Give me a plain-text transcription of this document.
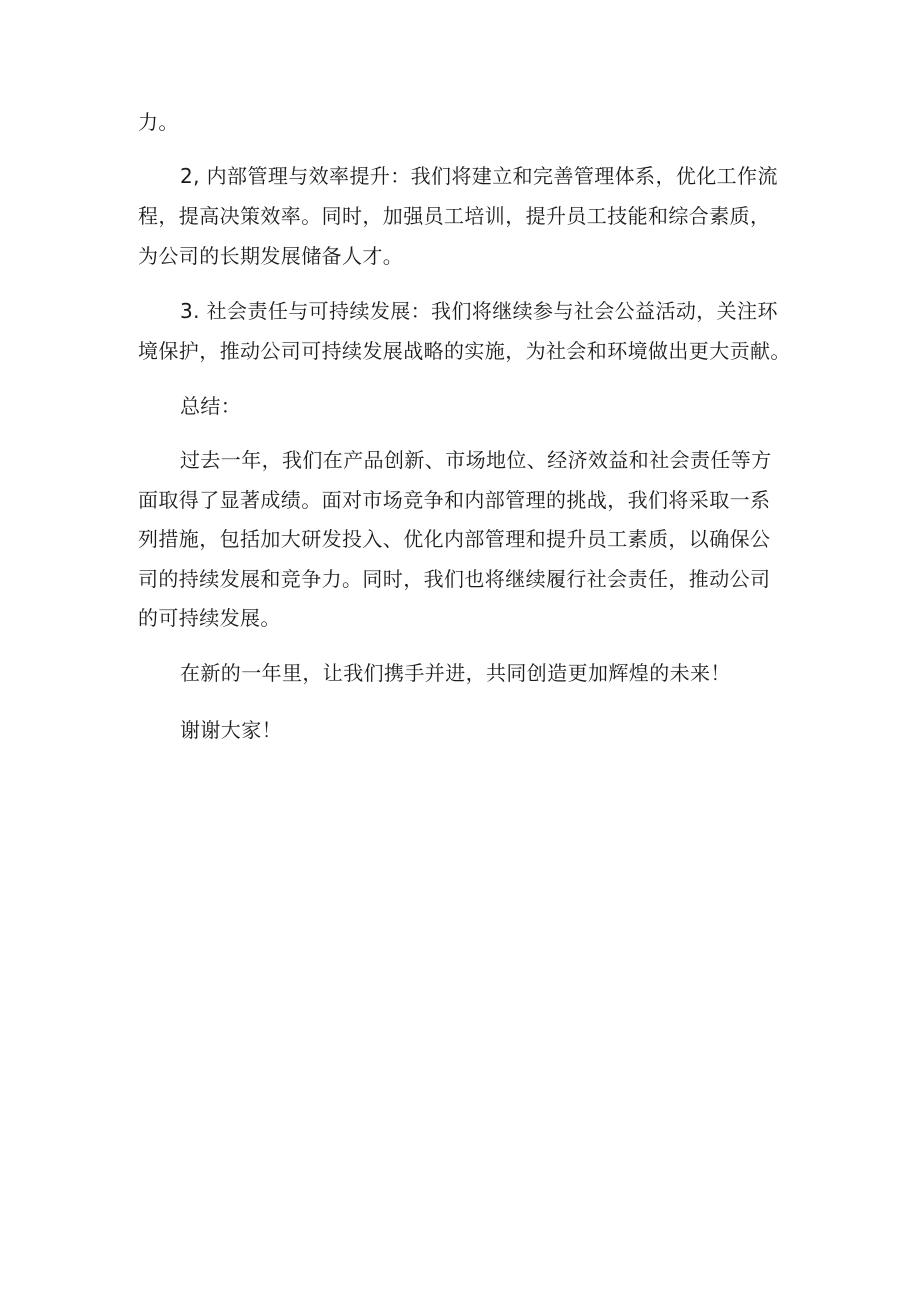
力。
2, 内部管理与效率提升：我们将建立和完善管理体系，优化工作流
程，提高决策效率。同时，加强员工培训，提升员工技能和综合素质，
为公司的长期发展储备人才。
3. 社会责任与可持续发展：我们将继续参与社会公益活动，关注环
境保护，推动公司可持续发展战略的实施，为社会和环境做出更大贡献。
总结：
过去一年，我们在产品创新、市场地位、经济效益和社会责任等方
面取得了显著成绩。面对市场竞争和内部管理的挑战，我们将采取一系
列措施，包括加大研发投入、优化内部管理和提升员工素质，以确保公
司的持续发展和竞争力。同时，我们也将继续履行社会责任，推动公司
的可持续发展。
在新的一年里，让我们携手并进，共同创造更加辉煌的未来！
谢谢大家！
